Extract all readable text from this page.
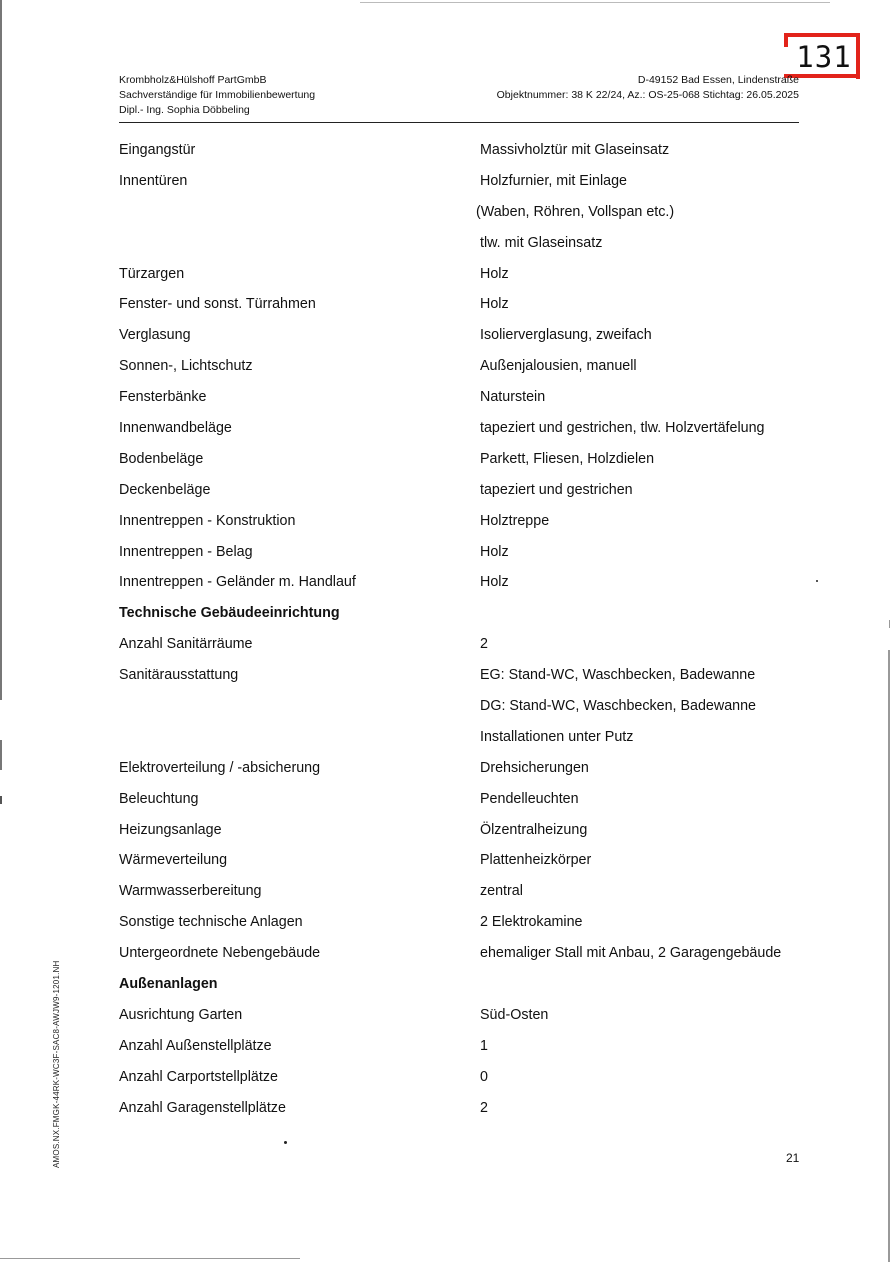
131
Krombholz&Hülshoff PartGmbB
Sachverständige für Immobilienbewertung
Dipl.- Ing. Sophia Döbbeling
D-49152 Bad Essen, Lindenstraße
Objektnummer: 38 K 22/24, Az.: OS-25-068 Stichtag: 26.05.2025
Eingangstür	Massivholztür mit Glaseinsatz
Innentüren	Holzfurnier, mit Einlage
(Waben, Röhren, Vollspan etc.)
tlw. mit Glaseinsatz
Türzargen	Holz
Fenster- und sonst. Türrahmen	Holz
Verglasung	Isolierverglasung, zweifach
Sonnen-, Lichtschutz	Außenjalousien, manuell
Fensterbänke	Naturstein
Innenwandbeläge	tapeziert und gestrichen, tlw. Holzvertäfelung
Bodenbeläge	Parkett, Fliesen, Holzdielen
Deckenbeläge	tapeziert und gestrichen
Innentreppen - Konstruktion	Holztreppe
Innentreppen - Belag	Holz
Innentreppen - Geländer m. Handlauf	Holz
Technische Gebäudeeinrichtung
Anzahl Sanitärräume	2
Sanitärausstattung	EG: Stand-WC, Waschbecken, Badewanne
DG: Stand-WC, Waschbecken, Badewanne
Installationen unter Putz
Elektroverteilung / -absicherung	Drehsicherungen
Beleuchtung	Pendelleuchten
Heizungsanlage	Ölzentralheizung
Wärmeverteilung	Plattenheizkörper
Warmwasserbereitung	zentral
Sonstige technische Anlagen	2 Elektrokamine
Untergeordnete Nebengebäude	ehemaliger Stall mit Anbau, 2 Garagengebäude
Außenanlagen
Ausrichtung Garten	Süd-Osten
Anzahl Außenstellplätze	1
Anzahl Carportstellplätze	0
Anzahl Garagenstellplätze	2
AMOS.NX.FMGK-44RK-WC3F-SAC8-AWJW9-1201.NH	21
